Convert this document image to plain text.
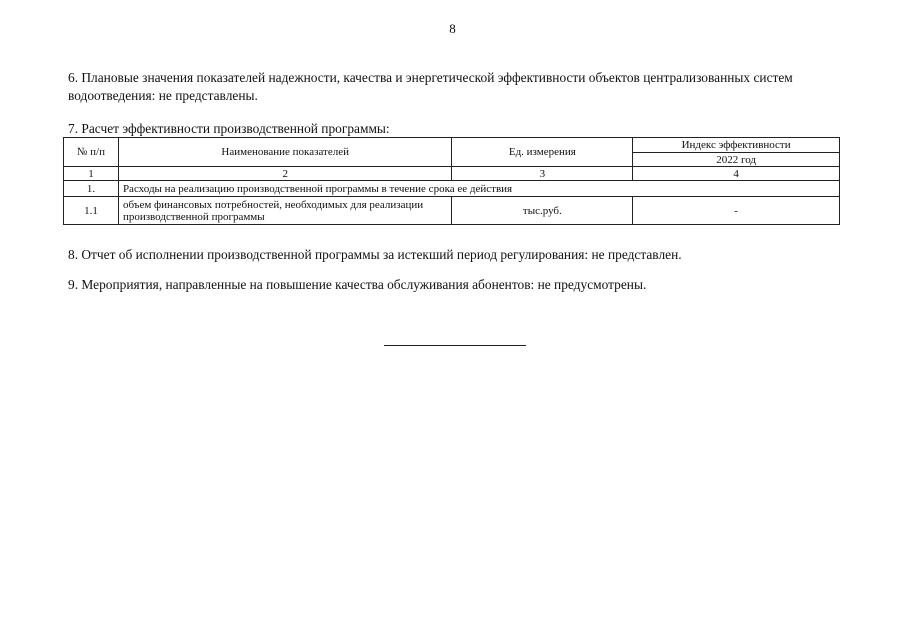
8
6. Плановые значения показателей надежности, качества и энергетической эффективности объектов централизованных систем водоотведения: не представлены.
7. Расчет эффективности производственной программы:
№ п/п	Наименование показателей	Ед. измерения	Индекс эффективности
			2022 год
1	2	3	4
1.	Расходы на реализацию производственной программы в течение срока ее действия		
1.1	объем финансовых потребностей, необходимых для реализации производственной программы	тыс.руб.	-
8. Отчет об исполнении производственной программы за истекший период регулирования: не представлен.
9. Мероприятия, направленные на повышение качества обслуживания абонентов: не предусмотрены.
